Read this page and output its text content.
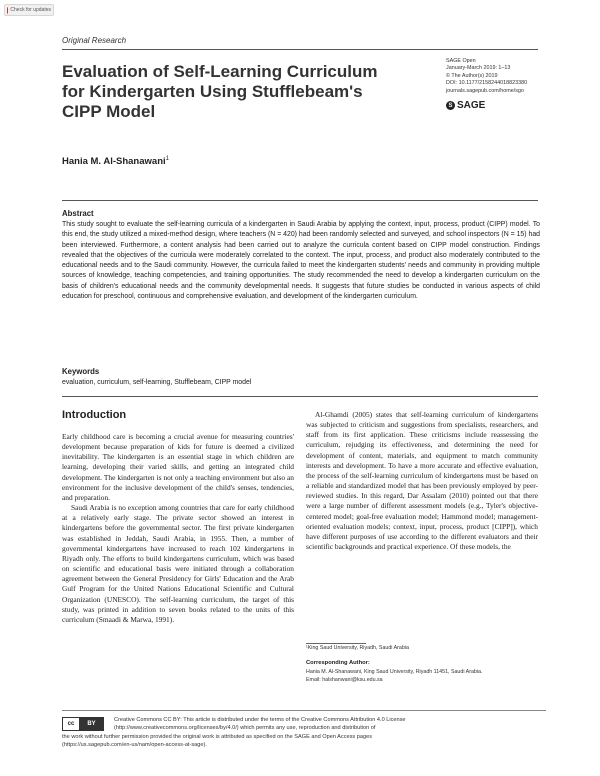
Check for updates
Original Research
Evaluation of Self-Learning Curriculum for Kindergarten Using Stufflebeam's CIPP Model
SAGE Open
January-March 2019: 1–13
© The Author(s) 2019
DOI: 10.1177/2158244018823380
journals.sagepub.com/home/sgo
S SAGE
Hania M. Al-Shanawani$^1$
Abstract
This study sought to evaluate the self-learning curricula of a kindergarten in Saudi Arabia by applying the context, input, process, product (CIPP) model. To this end, the study utilized a mixed-method design, where teachers (N = 420) had been randomly selected and surveyed, and school inspectors (N = 15) had been interviewed. Furthermore, a content analysis had been carried out to analyze the curricula content based on CIPP model construction. Findings revealed that the objectives of the curricula were moderately correlated to the context. The input, process, and product also moderately contributed to the educational needs and to the Saudi community. However, the curricula failed to meet the kindergarten students' needs and community in providing multiple sources of knowledge, teaching competencies, and training opportunities. The study recommended the need to develop a kindergarten curriculum on the basis of children's educational needs and the community developmental needs. It suggests that future studies be conducted in various aspects of child education for preschool, continuous and comprehensive evaluation, and development of the kindergarten curriculum.
Keywords
evaluation, curriculum, self-learning, Stufflebeam, CIPP model
Introduction

Early childhood care is becoming a crucial avenue for measuring countries' development because preparation of kids for future is deemed a civilized inevitability. The kindergarten is an essential stage in which children are learning, developing their varied skills, and getting an integrated child development. The kindergarten is not only a teaching environment but also an environment for the inclusive development of the child's senses, tendencies, and preparation.

Saudi Arabia is no exception among countries that care for early childhood at a relatively early stage. The private sector showed an interest in kindergartens before the governmental sector. The first private kindergarten was established in Jeddah, Saudi Arabia, in 1955. Then, a number of governmental kindergartens have increased to reach 102 kindergartens in Riyadh only. The efforts to build kindergartens curriculum, which was based on scientific and educational basis were initiated through a collaboration agreement between the General Presidency for Girls' Education and the Arab Gulf Program for the United Nations Educational Scientific and Cultural Organization (UNESCO). The self-learning curriculum, the target of this study, was printed in addition to seven books related to the units of this curriculum (Smaadi & Marwa, 1991).

Al-Ghamdi (2005) states that self-learning curriculum of kindergartens was subjected to criticism and suggestions from specialists, researchers, and staff from its first application. These criticisms include reassessing the curriculum, rejudging its effectiveness, and determining the need for development of content, materials, and equipment to match community interests and development. To have a more accurate and effective evaluation, the process of the self-learning curriculum of kindergartens must be based on a reliable and standardized model that has been previously employed by peer-reviewed studies. In this regard, Dar Assalam (2010) pointed out that there were a large number of different assessment models (e.g., Tyler's objective-centered model; goal-free evaluation model; Hammond model; management-oriented evaluation models; context, input, process, product [CIPP]), which have different purposes of use according to the different evaluators and their scientific backgrounds and practical experience. Of these models, the
¹King Saud University, Riyadh, Saudi Arabia
Corresponding Author:
Hania M. Al-Shanawani, King Saud University, Riyadh 11451, Saudi Arabia.
Email: halshanwani@ksu.edu.sa
cc	BY
Creative Commons CC BY: This article is distributed under the terms of the Creative Commons Attribution 4.0 License
(http://www.creativecommons.org/licenses/by/4.0/) which permits any use, reproduction and distribution of
the work without further permission provided the original work is attributed as specified on the SAGE and Open Access pages
(https://us.sagepub.com/en-us/nam/open-access-at-sage).
